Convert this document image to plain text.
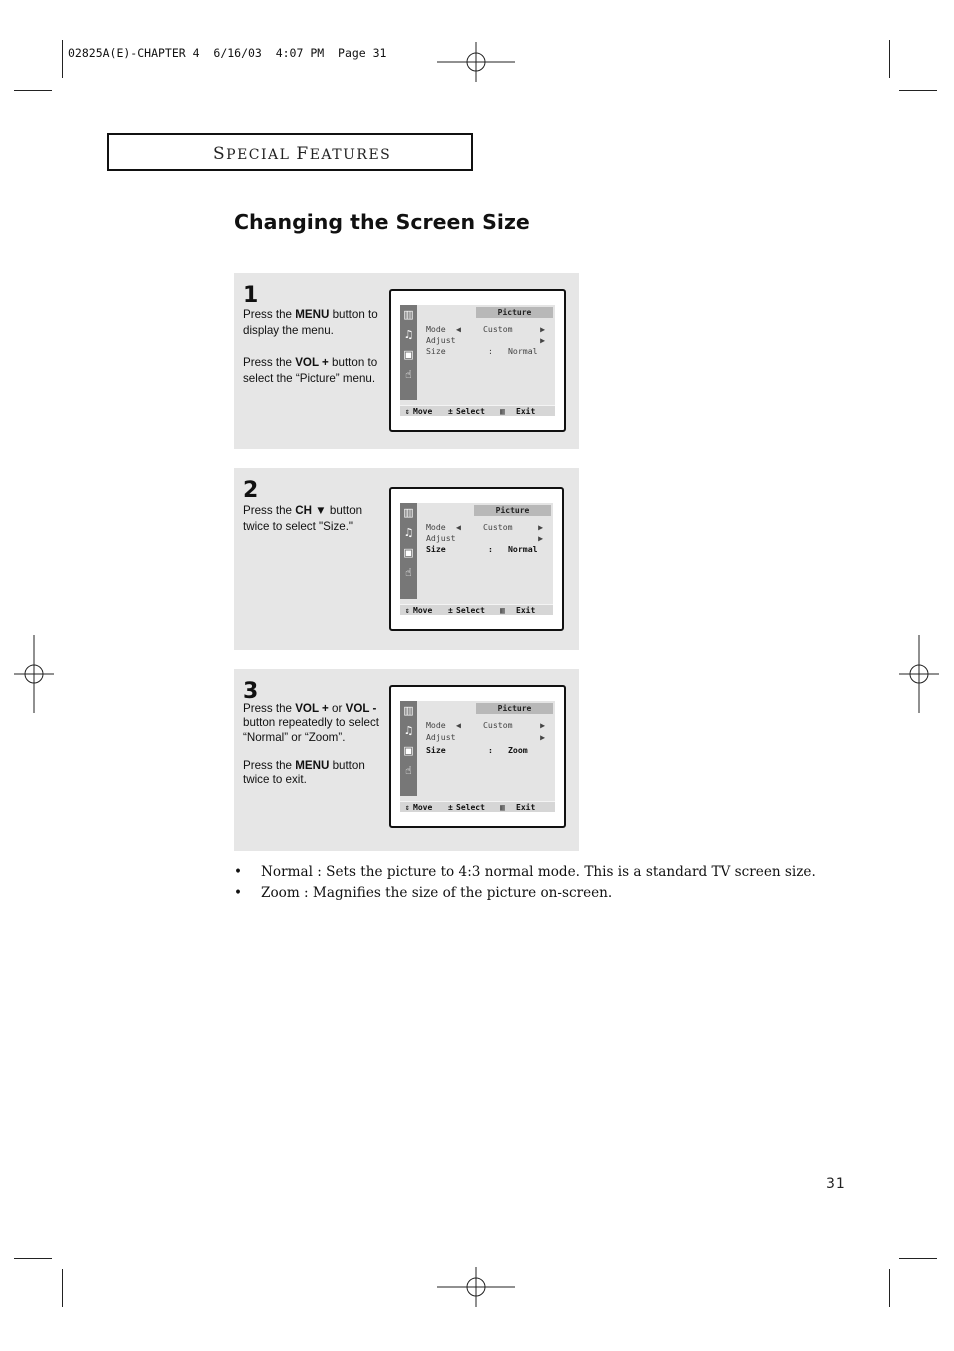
02825A(E)-CHAPTER 4  6/16/03  4:07 PM  Page 31
SPECIAL FEATURES
Changing the Screen Size
1
Press the MENU button to display the menu.
Press the VOL + button to select the “Picture” menu.
▥
♫
▣
☝
Picture
Mode ◀	Custom	▶
Adjust	▶
Size	: Normal
⇕ Move ± Select ▥ Exit
2
Press the CH ▼ button twice to select "Size."
▥
♫
▣
☝
Picture
Mode ◀	Custom	▶
Adjust	▶
Size	: Normal
⇕ Move ± Select ▥ Exit
3
Press the VOL + or VOL - button repeatedly to select “Normal” or “Zoom”.
Press the MENU button twice to exit.
▥
♫
▣
☝
Picture
Mode ◀	Custom	▶
Adjust	▶
Size	: Zoom
⇕ Move ± Select ▥ Exit
• Normal : Sets the picture to 4:3 normal mode. This is a standard TV screen size.
• Zoom : Magnifies the size of the picture on-screen.
31
